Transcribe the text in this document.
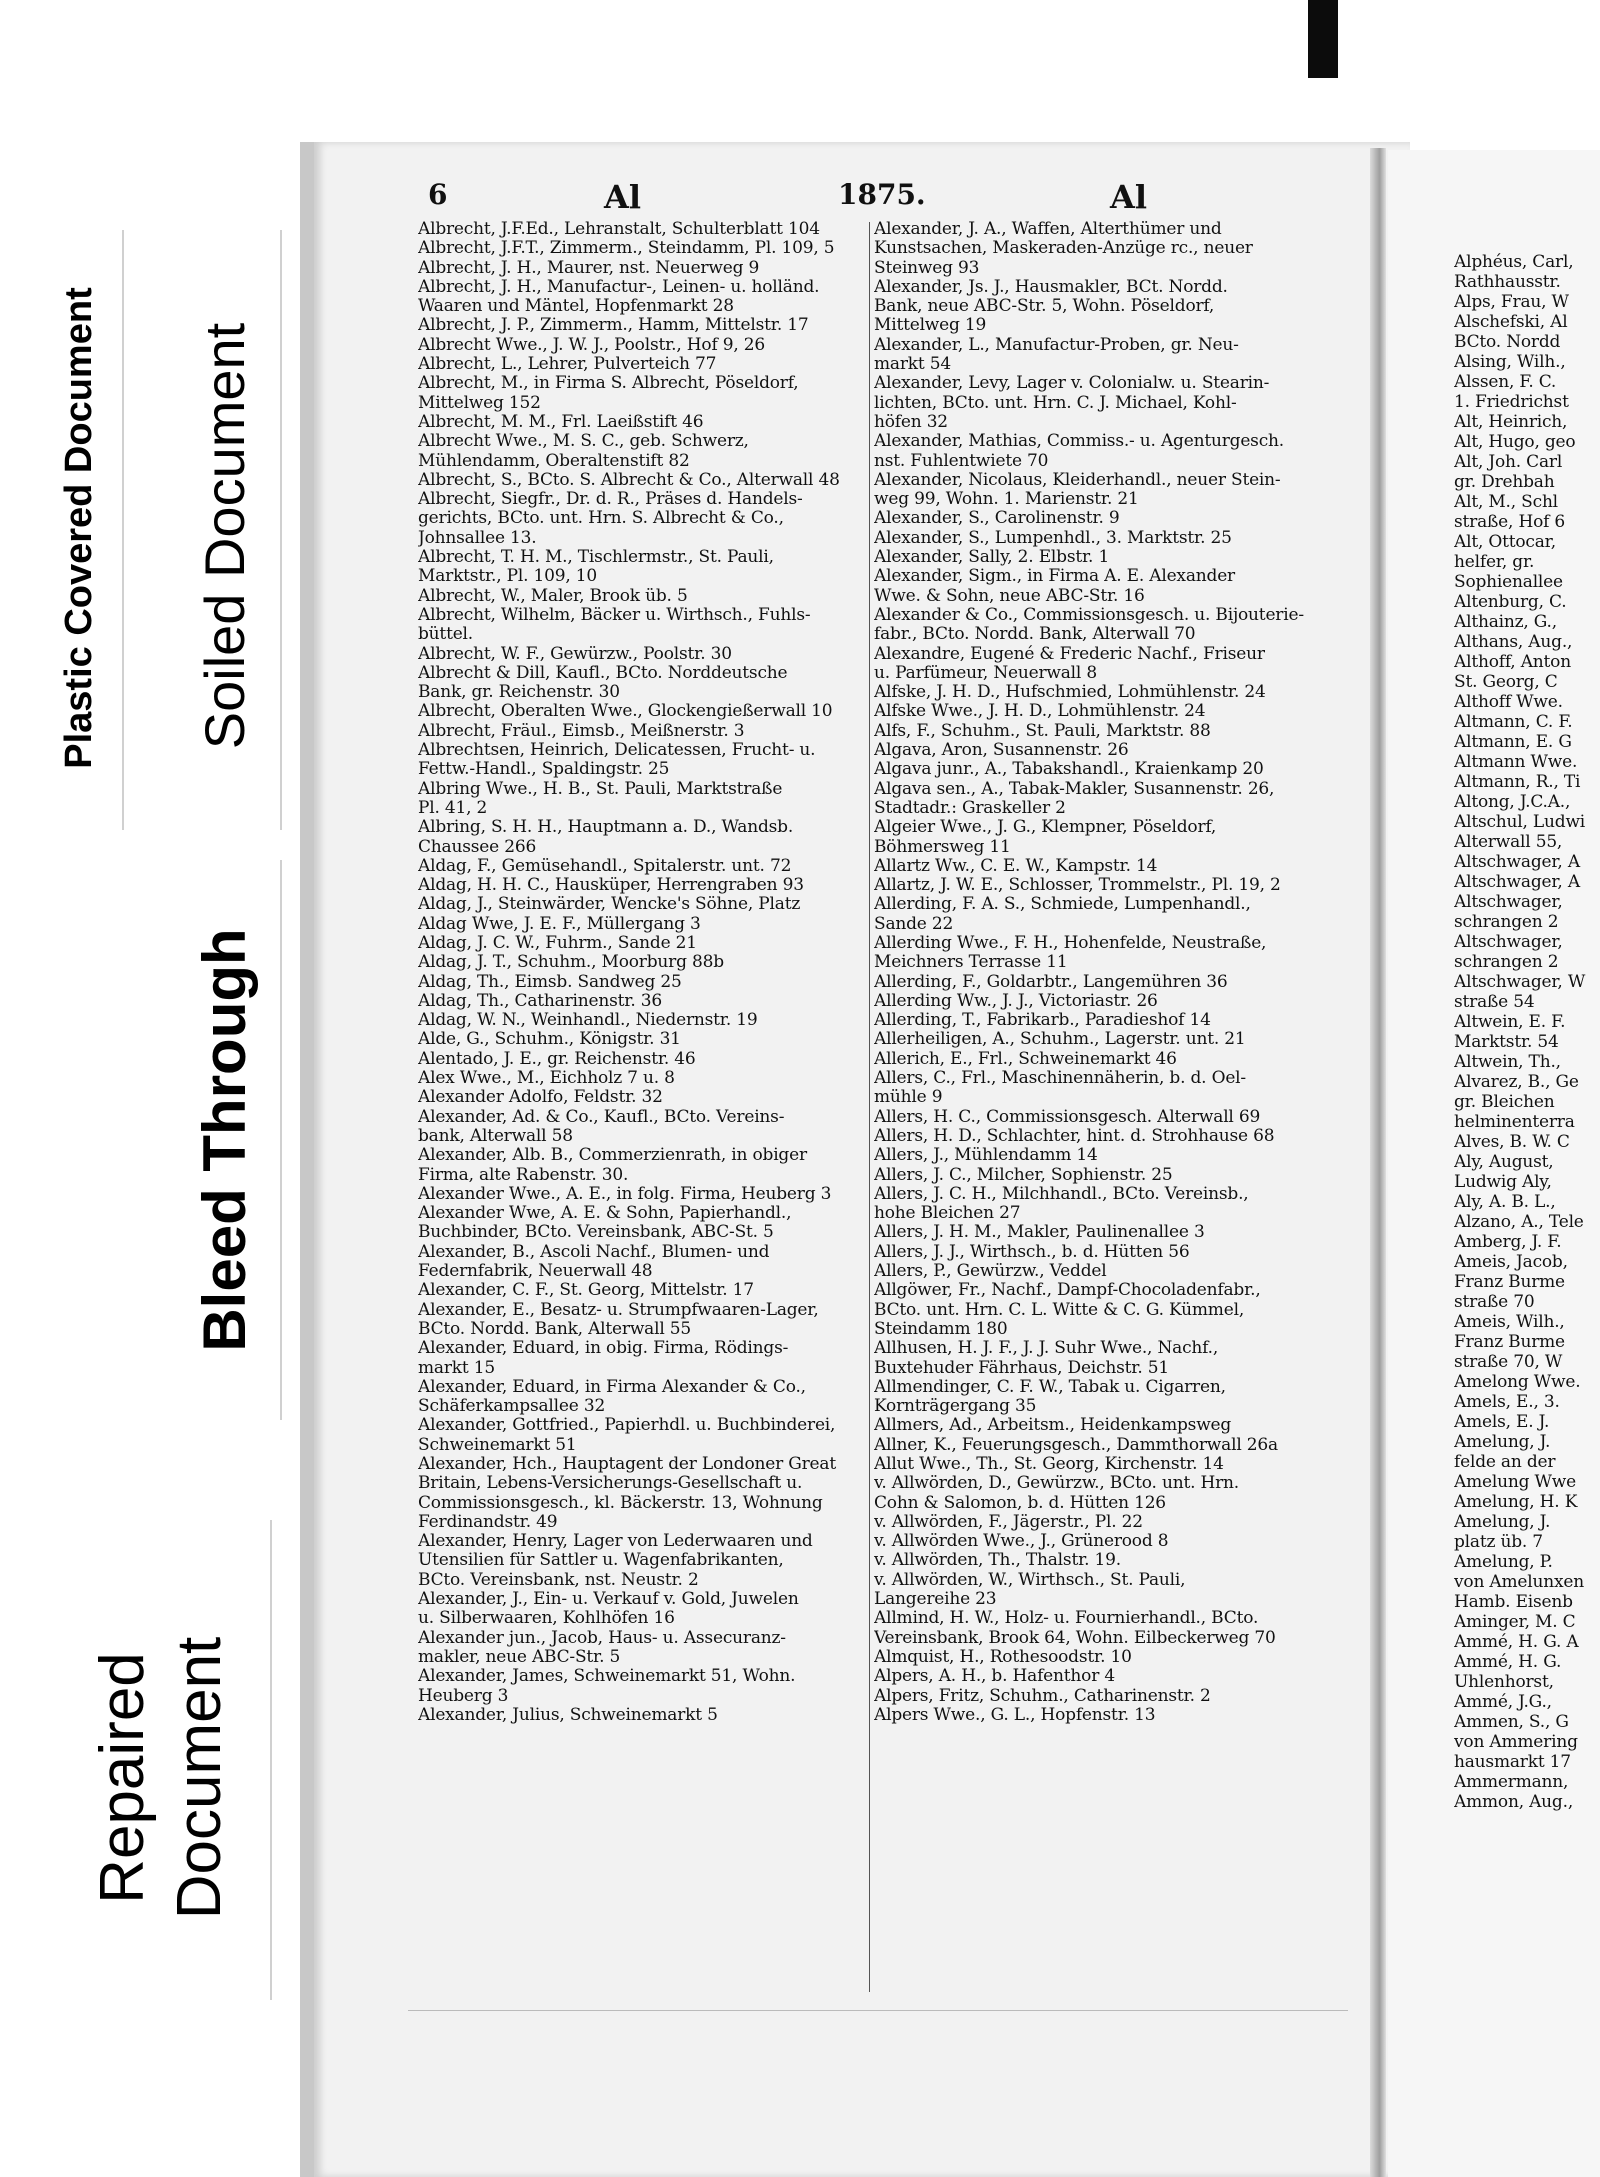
Plastic Covered Document Soiled Document
Bleed Through
Repaired Document
6	Al	1875.	Al
Albrecht, J.F.Ed., Lehranstalt, Schulterblatt 104
Albrecht, J.F.T., Zimmerm., Steindamm, Pl. 109, 5
Albrecht, J. H., Maurer, nst. Neuerweg 9
Albrecht, J. H., Manufactur-, Leinen- u. holländ.
Waaren und Mäntel, Hopfenmarkt 28
Albrecht, J. P., Zimmerm., Hamm, Mittelstr. 17
Albrecht Wwe., J. W. J., Poolstr., Hof 9, 26
Albrecht, L., Lehrer, Pulverteich 77
Albrecht, M., in Firma S. Albrecht, Pöseldorf,
Mittelweg 152
Albrecht, M. M., Frl. Laeißstift 46
Albrecht Wwe., M. S. C., geb. Schwerz,
Mühlendamm, Oberaltenstift 82
Albrecht, S., BCto. S. Albrecht & Co., Alterwall 48
Albrecht, Siegfr., Dr. d. R., Präses d. Handels-
gerichts, BCto. unt. Hrn. S. Albrecht & Co.,
Johnsallee 13.
Albrecht, T. H. M., Tischlermstr., St. Pauli,
Marktstr., Pl. 109, 10
Albrecht, W., Maler, Brook üb. 5
Albrecht, Wilhelm, Bäcker u. Wirthsch., Fuhls-
büttel.
Albrecht, W. F., Gewürzw., Poolstr. 30
Albrecht & Dill, Kaufl., BCto. Norddeutsche
Bank, gr. Reichenstr. 30
Albrecht, Oberalten Wwe., Glockengießerwall 10
Albrecht, Fräul., Eimsb., Meißnerstr. 3
Albrechtsen, Heinrich, Delicatessen, Frucht- u.
Fettw.-Handl., Spaldingstr. 25
Albring Wwe., H. B., St. Pauli, Marktstraße
Pl. 41, 2
Albring, S. H. H., Hauptmann a. D., Wandsb.
Chaussee 266
Aldag, F., Gemüsehandl., Spitalerstr. unt. 72
Aldag, H. H. C., Hausküper, Herrengraben 93
Aldag, J., Steinwärder, Wencke's Söhne, Platz
Aldag Wwe, J. E. F., Müllergang 3
Aldag, J. C. W., Fuhrm., Sande 21
Aldag, J. T., Schuhm., Moorburg 88b
Aldag, Th., Eimsb. Sandweg 25
Aldag, Th., Catharinenstr. 36
Aldag, W. N., Weinhandl., Niedernstr. 19
Alde, G., Schuhm., Königstr. 31
Alentado, J. E., gr. Reichenstr. 46
Alex Wwe., M., Eichholz 7 u. 8
Alexander Adolfo, Feldstr. 32
Alexander, Ad. & Co., Kaufl., BCto. Vereins-
bank, Alterwall 58
Alexander, Alb. B., Commerzienrath, in obiger
Firma, alte Rabenstr. 30.
Alexander Wwe., A. E., in folg. Firma, Heuberg 3
Alexander Wwe, A. E. & Sohn, Papierhandl.,
Buchbinder, BCto. Vereinsbank, ABC-St. 5
Alexander, B., Ascoli Nachf., Blumen- und
Federnfabrik, Neuerwall 48
Alexander, C. F., St. Georg, Mittelstr. 17
Alexander, E., Besatz- u. Strumpfwaaren-Lager,
BCto. Nordd. Bank, Alterwall 55
Alexander, Eduard, in obig. Firma, Rödings-
markt 15
Alexander, Eduard, in Firma Alexander & Co.,
Schäferkampsallee 32
Alexander, Gottfried., Papierhdl. u. Buchbinderei,
Schweinemarkt 51
Alexander, Hch., Hauptagent der Londoner Great
Britain, Lebens-Versicherungs-Gesellschaft u.
Commissionsgesch., kl. Bäckerstr. 13, Wohnung
Ferdinandstr. 49
Alexander, Henry, Lager von Lederwaaren und
Utensilien für Sattler u. Wagenfabrikanten,
BCto. Vereinsbank, nst. Neustr. 2
Alexander, J., Ein- u. Verkauf v. Gold, Juwelen
u. Silberwaaren, Kohlhöfen 16
Alexander jun., Jacob, Haus- u. Assecuranz-
makler, neue ABC-Str. 5
Alexander, James, Schweinemarkt 51, Wohn.
Heuberg 3
Alexander, Julius, Schweinemarkt 5
Alexander, J. A., Waffen, Alterthümer und
Kunstsachen, Maskeraden-Anzüge rc., neuer
Steinweg 93
Alexander, Js. J., Hausmakler, BCt. Nordd.
Bank, neue ABC-Str. 5, Wohn. Pöseldorf,
Mittelweg 19
Alexander, L., Manufactur-Proben, gr. Neu-
markt 54
Alexander, Levy, Lager v. Colonialw. u. Stearin-
lichten, BCto. unt. Hrn. C. J. Michael, Kohl-
höfen 32
Alexander, Mathias, Commiss.- u. Agenturgesch.
nst. Fuhlentwiete 70
Alexander, Nicolaus, Kleiderhandl., neuer Stein-
weg 99, Wohn. 1. Marienstr. 21
Alexander, S., Carolinenstr. 9
Alexander, S., Lumpenhdl., 3. Marktstr. 25
Alexander, Sally, 2. Elbstr. 1
Alexander, Sigm., in Firma A. E. Alexander
Wwe. & Sohn, neue ABC-Str. 16
Alexander & Co., Commissionsgesch. u. Bijouterie-
fabr., BCto. Nordd. Bank, Alterwall 70
Alexandre, Eugené & Frederic Nachf., Friseur
u. Parfümeur, Neuerwall 8
Alfske, J. H. D., Hufschmied, Lohmühlenstr. 24
Alfske Wwe., J. H. D., Lohmühlenstr. 24
Alfs, F., Schuhm., St. Pauli, Marktstr. 88
Algava, Aron, Susannenstr. 26
Algava junr., A., Tabakshandl., Kraienkamp 20
Algava sen., A., Tabak-Makler, Susannenstr. 26,
Stadtadr.: Graskeller 2
Algeier Wwe., J. G., Klempner, Pöseldorf,
Böhmersweg 11
Allartz Ww., C. E. W., Kampstr. 14
Allartz, J. W. E., Schlosser, Trommelstr., Pl. 19, 2
Allerding, F. A. S., Schmiede, Lumpenhandl.,
Sande 22
Allerding Wwe., F. H., Hohenfelde, Neustraße,
Meichners Terrasse 11
Allerding, F., Goldarbtr., Langemühren 36
Allerding Ww., J. J., Victoriastr. 26
Allerding, T., Fabrikarb., Paradieshof 14
Allerheiligen, A., Schuhm., Lagerstr. unt. 21
Allerich, E., Frl., Schweinemarkt 46
Allers, C., Frl., Maschinennäherin, b. d. Oel-
mühle 9
Allers, H. C., Commissionsgesch. Alterwall 69
Allers, H. D., Schlachter, hint. d. Strohhause 68
Allers, J., Mühlendamm 14
Allers, J. C., Milcher, Sophienstr. 25
Allers, J. C. H., Milchhandl., BCto. Vereinsb.,
hohe Bleichen 27
Allers, J. H. M., Makler, Paulinenallee 3
Allers, J. J., Wirthsch., b. d. Hütten 56
Allers, P., Gewürzw., Veddel
Allgöwer, Fr., Nachf., Dampf-Chocoladenfabr.,
BCto. unt. Hrn. C. L. Witte & C. G. Kümmel,
Steindamm 180
Allhusen, H. J. F., J. J. Suhr Wwe., Nachf.,
Buxtehuder Fährhaus, Deichstr. 51
Allmendinger, C. F. W., Tabak u. Cigarren,
Kornträgergang 35
Allmers, Ad., Arbeitsm., Heidenkampsweg
Allner, K., Feuerungsgesch., Dammthorwall 26a
Allut Wwe., Th., St. Georg, Kirchenstr. 14
v. Allwörden, D., Gewürzw., BCto. unt. Hrn.
Cohn & Salomon, b. d. Hütten 126
v. Allwörden, F., Jägerstr., Pl. 22
v. Allwörden Wwe., J., Grünerood 8
v. Allwörden, Th., Thalstr. 19.
v. Allwörden, W., Wirthsch., St. Pauli,
Langereihe 23
Allmind, H. W., Holz- u. Fournierhandl., BCto.
Vereinsbank, Brook 64, Wohn. Eilbeckerweg 70
Almquist, H., Rothesoodstr. 10
Alpers, A. H., b. Hafenthor 4
Alpers, Fritz, Schuhm., Catharinenstr. 2
Alpers Wwe., G. L., Hopfenstr. 13
Alphéus, Carl,
Rathhausstr.
Alps, Frau, W
Alschefski, Al
BCto. Nordd
Alsing, Wilh.,
Alssen, F. C.
1. Friedrichst
Alt, Heinrich,
Alt, Hugo, geo
Alt, Joh. Carl
gr. Drehbah
Alt, M., Schl
straße, Hof 6
Alt, Ottocar,
helfer, gr.
Sophienallee
Altenburg, C.
Althainz, G.,
Althans, Aug.,
Althoff, Anton
St. Georg, C
Althoff Wwe.
Altmann, C. F.
Altmann, E. G
Altmann Wwe.
Altmann, R., Ti
Altong, J.C.A.,
Altschul, Ludwi
Alterwall 55,
Altschwager, A
Altschwager, A
Altschwager,
schrangen 2
Altschwager,
schrangen 2
Altschwager, W
straße 54
Altwein, E. F.
Marktstr. 54
Altwein, Th.,
Alvarez, B., Ge
gr. Bleichen
helminenterra
Alves, B. W. C
Aly, August,
Ludwig Aly,
Aly, A. B. L.,
Alzano, A., Tele
Amberg, J. F.
Ameis, Jacob,
Franz Burme
straße 70
Ameis, Wilh.,
Franz Burme
straße 70, W
Amelong Wwe.
Amels, E., 3.
Amels, E. J.
Amelung, J.
felde an der
Amelung Wwe
Amelung, H. K
Amelung, J.
platz üb. 7
Amelung, P.
von Amelunxen
Hamb. Eisenb
Aminger, M. C
Ammé, H. G. A
Ammé, H. G.
Uhlenhorst,
Ammé, J.G.,
Ammen, S., G
von Ammering
hausmarkt 17
Ammermann,
Ammon, Aug.,
